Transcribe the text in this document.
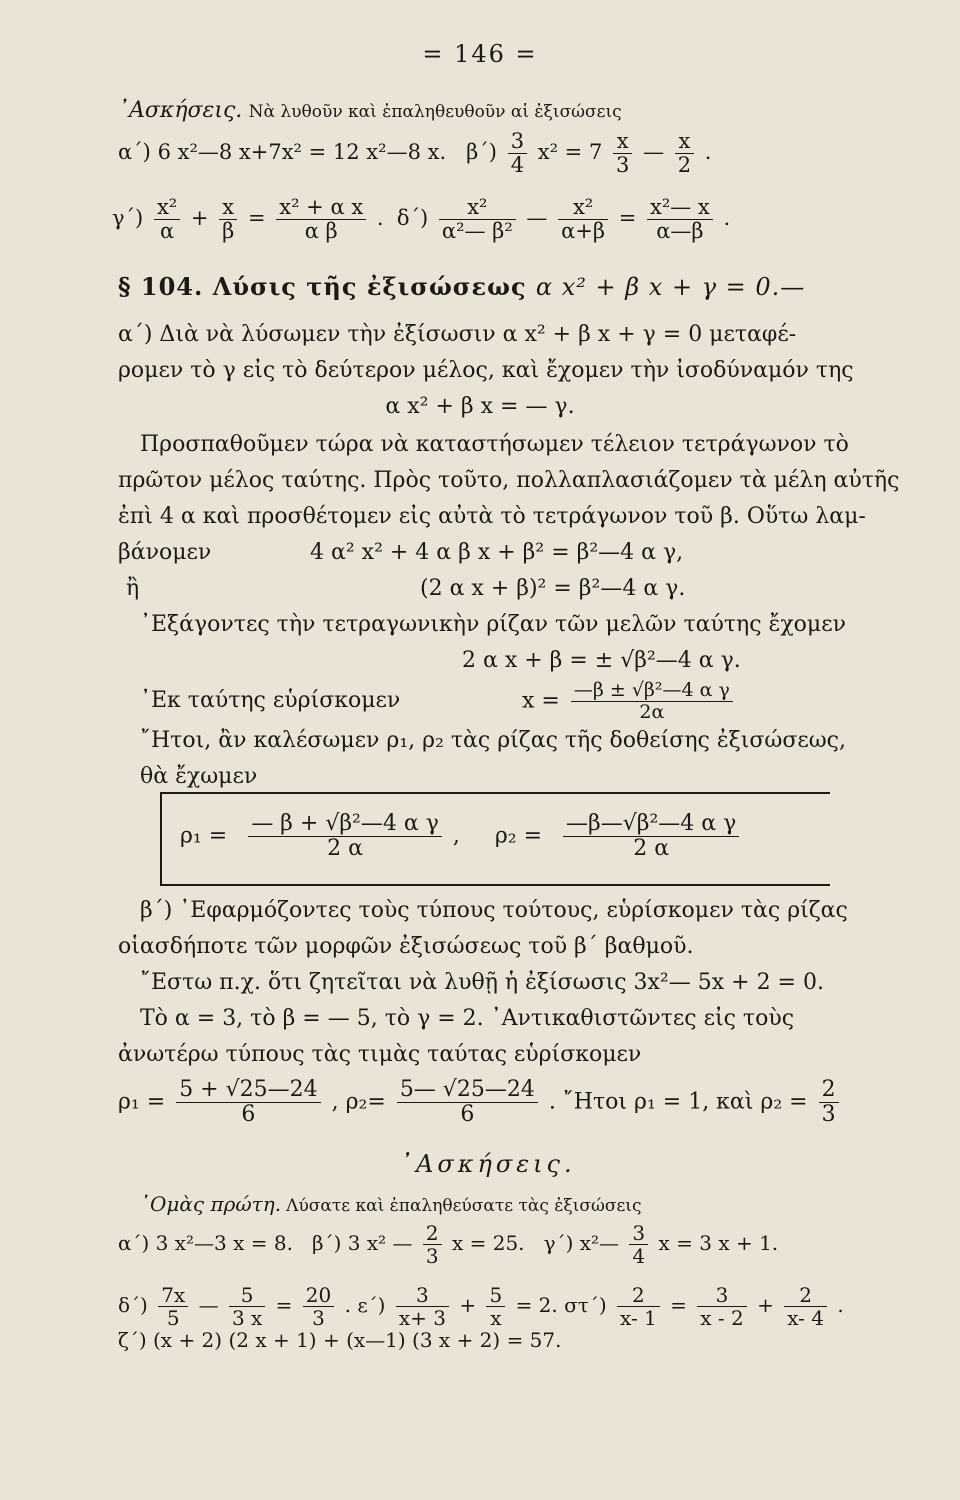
= 146 =
᾿Ασκήσεις. Νὰ λυθοῦν καὶ ἐπαληθευθοῦν αἱ ἐξισώσεις
α΄) 6 x²—8 x+7x² = 12 x²—8 x. $\beta΄) \frac{3}{4} x^2 = 7 \frac{x}{3}$ — $\frac{x}{2}$ .
$\gamma΄) \frac{\text{x²}}{\alpha} + \frac{x}{\beta} = \frac{\text{x² + α x}}{\text{α β}}$ .  $\delta΄) \frac{\text{x²}}{\text{α²— β²}}$ — $\frac{\text{x²}}{\alpha+\beta} = \frac{\text{x²— x}}{\alpha—\beta}$ .
§ 104. Λύσις τῆς ἐξισώσεως α x² + β x + γ = 0.—
α΄) Διὰ νὰ λύσωμεν τὴν ἐξίσωσιν α x² + β x + γ = 0 μεταφέ-
ρομεν τὸ γ εἰς τὸ δεύτερον μέλος, καὶ ἔχομεν τὴν ἰσοδύναμόν της
α x² + β x = — γ.
Προσπαθοῦμεν τώρα νὰ καταστήσωμεν τέλειον τετράγωνον τὸ
πρῶτον μέλος ταύτης. Πρὸς τοῦτο, πολλαπλασιάζομεν τὰ μέλη αὐτῆς
ἐπὶ 4 α καὶ προσθέτομεν εἰς αὐτὰ τὸ τετράγωνον τοῦ β. Οὕτω λαμ-
βάνομεν	4 α² x² + 4 α β x + β² = β²—4 α γ,
ἢ	(2 α x + β)² = β²—4 α γ.
᾿Εξάγοντες τὴν τετραγωνικὴν ρίζαν τῶν μελῶν ταύτης ἔχομεν
2 α x + β = ± √β²—4 α γ.
᾿Εκ ταύτης εὑρίσκομεν	$x = \frac{\text{—β ± √β²—4 α γ}}{2\alpha}$
῎Ητοι, ἂν καλέσωμεν ρ₁, ρ₂ τὰς ρίζας τῆς δοθείσης ἐξισώσεως,
θὰ ἔχωμεν
$\rho_1 = \frac{\text{— β + √β²—4 α γ}}{2 \alpha}$ , $\rho_2 = \frac{\text{—β—√β²—4 α γ}}{2 \alpha}$
β΄) ᾿Εφαρμόζοντες τοὺς τύπους τούτους, εὑρίσκομεν τὰς ρίζας
οἱασδήποτε τῶν μορφῶν ἐξισώσεως τοῦ β΄ βαθμοῦ.
῎Εστω π.χ. ὅτι ζητεῖται νὰ λυθῇ ἡ ἐξίσωσις 3x²— 5x + 2 = 0.
Τὸ α = 3, τὸ β = — 5, τὸ γ = 2. ᾿Αντικαθιστῶντες εἰς τοὺς
ἀνωτέρω τύπους τὰς τιμὰς ταύτας εὑρίσκομεν
$\rho_1 = \frac{5 + √25—24}{6}$ , $\rho_2= \frac{5— √25—24}{6}$ . ῎Ητοι ρ₁ = 1, καὶ $\rho_2 = \frac{2}{3}$
᾿Ασκήσεις.
῾Ομὰς πρώτη. Λύσατε καὶ ἐπαληθεύσατε τὰς ἐξισώσεις
α΄) 3 x²—3 x = 8. β΄) 3 x² — $\frac{2}{3}$ x = 25. γ΄) x²— $\frac{3}{4}$ x = 3 x + 1.
$\delta΄) \frac{7x}{5}$ — $\frac{5}{3 x} = \frac{20}{3}$ . $\varepsilon΄) \frac{3}{x+ 3} + \frac{5}{x} = 2$. $\sigma\tau΄) \frac{2}{x- 1} = \frac{3}{x - 2} + \frac{2}{x- 4}$ .
ζ΄) (x + 2) (2 x + 1) + (x—1) (3 x + 2) = 57.
